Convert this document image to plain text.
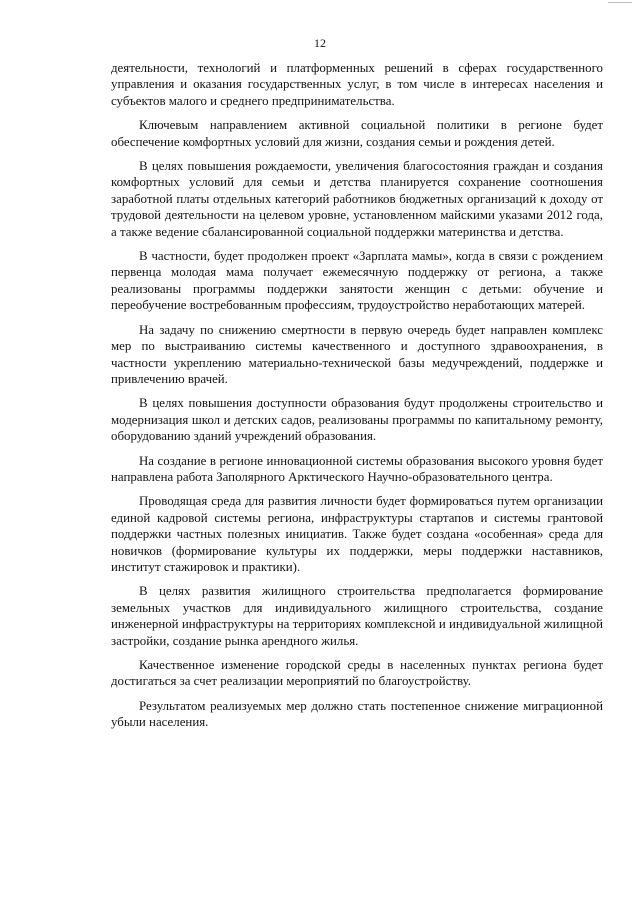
12

деятельности, технологий и платформенных решений в сферах государственного управления и оказания государственных услуг, в том числе в интересах населения и субъектов малого и среднего предпринимательства.

Ключевым направлением активной социальной политики в регионе будет обеспечение комфортных условий для жизни, создания семьи и рождения детей.

В целях повышения рождаемости, увеличения благосостояния граждан и создания комфортных условий для семьи и детства планируется сохранение соотношения заработной платы отдельных категорий работников бюджетных организаций к доходу от трудовой деятельности на целевом уровне, установленном майскими указами 2012 года, а также ведение сбалансированной социальной поддержки материнства и детства.

В частности, будет продолжен проект «Зарплата мамы», когда в связи с рождением первенца молодая мама получает ежемесячную поддержку от региона, а также реализованы программы поддержки занятости женщин с детьми: обучение и переобучение востребованным профессиям, трудоустройство неработающих матерей.

На задачу по снижению смертности в первую очередь будет направлен комплекс мер по выстраиванию системы качественного и доступного здравоохранения, в частности укреплению материально-технической базы медучреждений, поддержке и привлечению врачей.

В целях повышения доступности образования будут продолжены строительство и модернизация школ и детских садов, реализованы программы по капитальному ремонту, оборудованию зданий учреждений образования.

На создание в регионе инновационной системы образования высокого уровня будет направлена работа Заполярного Арктического Научно-образовательного центра.

Проводящая среда для развития личности будет формироваться путем организации единой кадровой системы региона, инфраструктуры стартапов и системы грантовой поддержки частных полезных инициатив. Также будет создана «особенная» среда для новичков (формирование культуры их поддержки, меры поддержки наставников, институт стажировок и практики).

В целях развития жилищного строительства предполагается формирование земельных участков для индивидуального жилищного строительства, создание инженерной инфраструктуры на территориях комплексной и индивидуальной жилищной застройки, создание рынка арендного жилья.

Качественное изменение городской среды в населенных пунктах региона будет достигаться за счет реализации мероприятий по благоустройству.

Результатом реализуемых мер должно стать постепенное снижение миграционной убыли населения.
